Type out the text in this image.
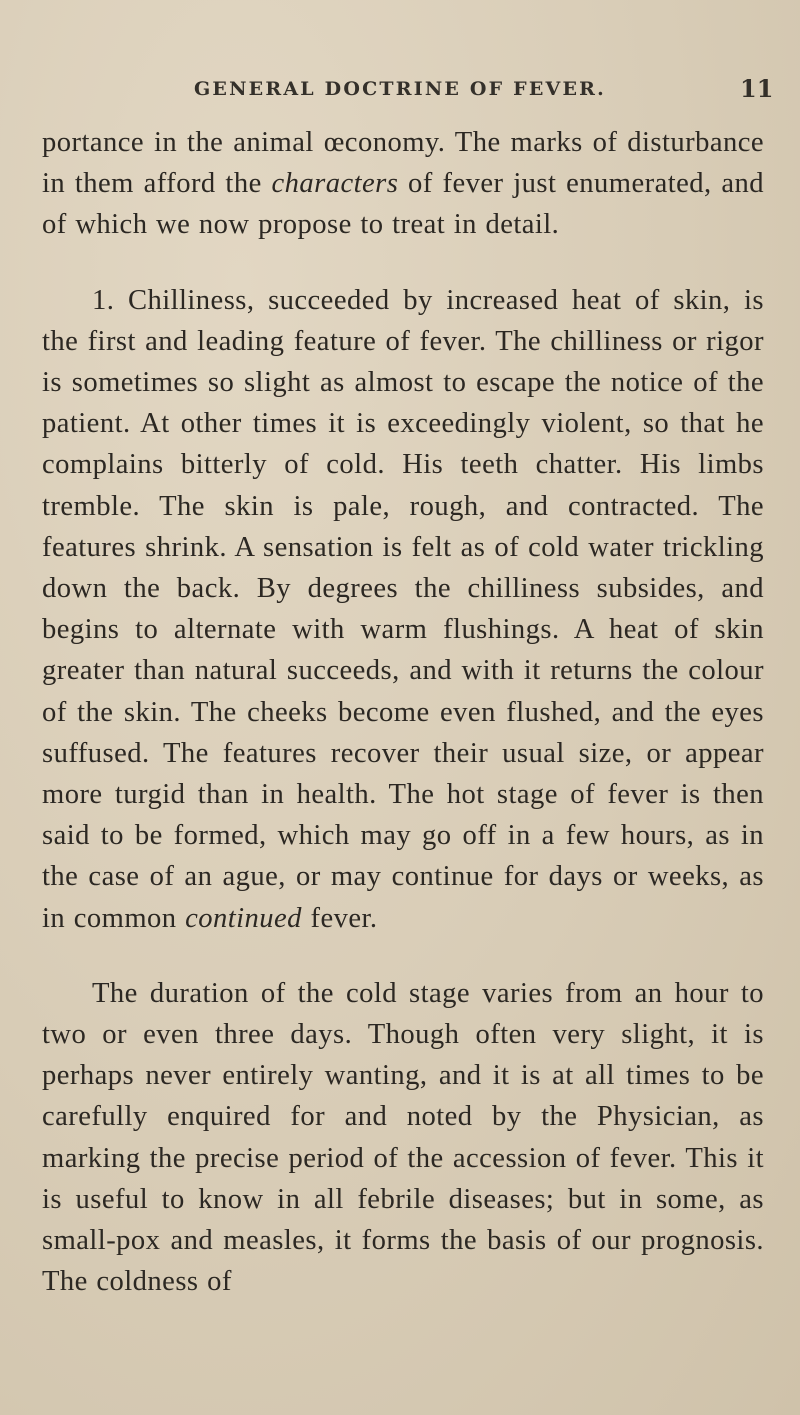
GENERAL DOCTRINE OF FEVER.	11

portance in the animal œconomy. The marks of disturbance in them afford the characters of fever just enumerated, and of which we now propose to treat in detail.

1. Chilliness, succeeded by increased heat of skin, is the first and leading feature of fever. The chilliness or rigor is sometimes so slight as almost to escape the notice of the patient. At other times it is exceedingly violent, so that he complains bitterly of cold. His teeth chatter. His limbs tremble. The skin is pale, rough, and contracted. The features shrink. A sensation is felt as of cold water trickling down the back. By degrees the chilliness subsides, and begins to alternate with warm flushings. A heat of skin greater than natural succeeds, and with it returns the colour of the skin. The cheeks become even flushed, and the eyes suffused. The features recover their usual size, or appear more turgid than in health. The hot stage of fever is then said to be formed, which may go off in a few hours, as in the case of an ague, or may continue for days or weeks, as in common continued fever.

The duration of the cold stage varies from an hour to two or even three days. Though often very slight, it is perhaps never entirely wanting, and it is at all times to be carefully enquired for and noted by the Physician, as marking the precise period of the accession of fever. This it is useful to know in all febrile diseases; but in some, as small-pox and measles, it forms the basis of our prognosis. The coldness of
